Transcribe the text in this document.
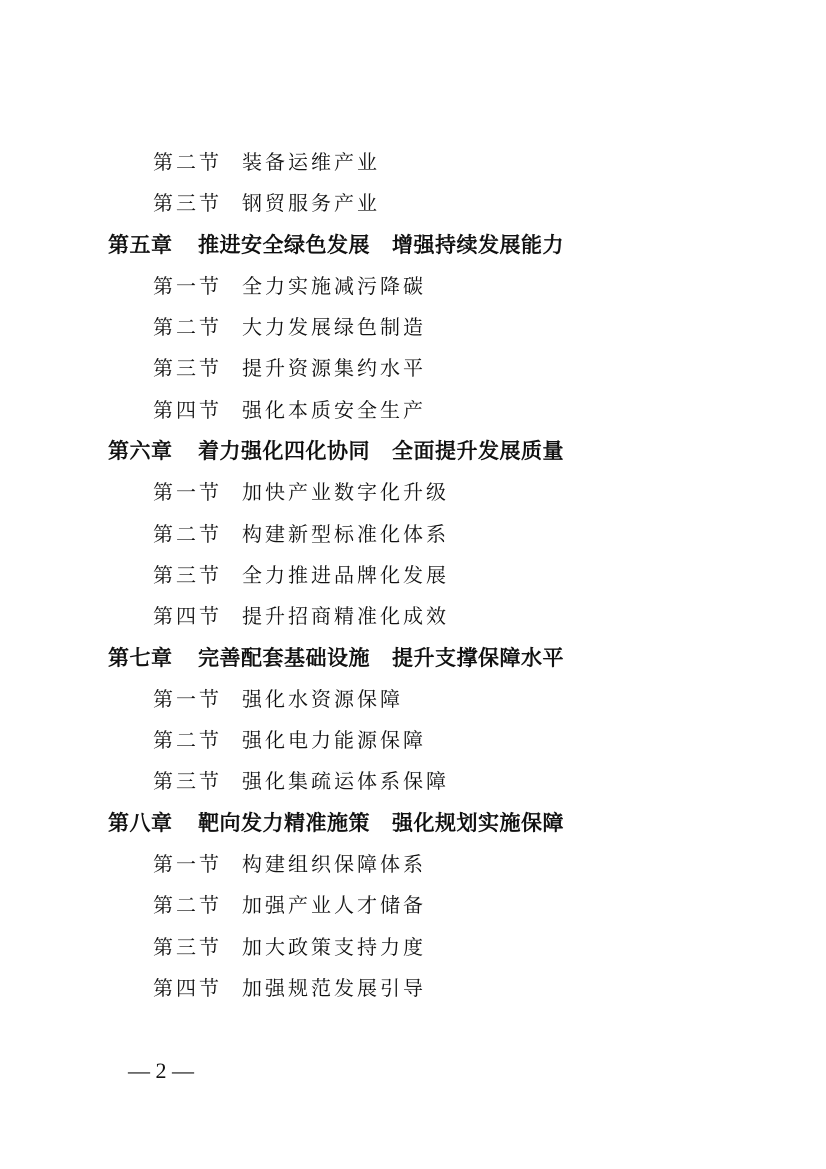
第二节 装备运维产业
第三节 钢贸服务产业
第五章 推进安全绿色发展 增强持续发展能力
第一节 全力实施减污降碳
第二节 大力发展绿色制造
第三节 提升资源集约水平
第四节 强化本质安全生产
第六章 着力强化四化协同 全面提升发展质量
第一节 加快产业数字化升级
第二节 构建新型标准化体系
第三节 全力推进品牌化发展
第四节 提升招商精准化成效
第七章 完善配套基础设施 提升支撑保障水平
第一节 强化水资源保障
第二节 强化电力能源保障
第三节 强化集疏运体系保障
第八章 靶向发力精准施策 强化规划实施保障
第一节 构建组织保障体系
第二节 加强产业人才储备
第三节 加大政策支持力度
第四节 加强规范发展引导
— 2 —
